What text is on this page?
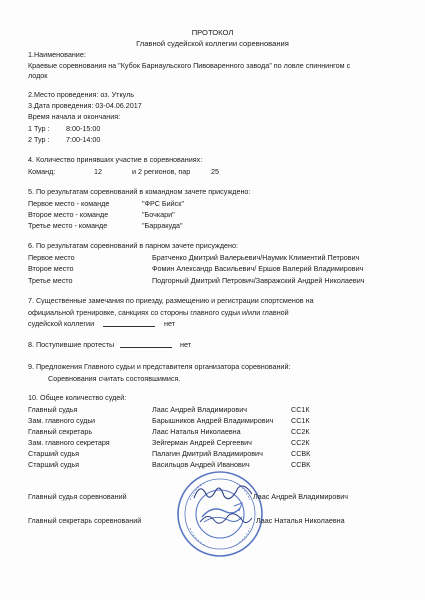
ПРОТОКОЛ
Главной судейской коллегии соревнования
1.Наименование:
Краевые соревнования на "Кубок Барнаульского Пивоваренного завода" по ловле спиннингом с
лодок
2.Место проведения: оз. Уткуль
3.Дата проведения: 03-04.06.2017
Время начала и окончания:
1 Тур : 8:00-15:00
2 Тур : 7:00-14:00
4. Количество принявших участие в соревнованиях:
Команд:	12	и 2 регионов, пар	25
5. По результатам соревнований в командном зачете присуждено:
Первое место - команде	"ФРС Бийск"
Второе место - команде	"Бочкари"
Третье место - команде	"Барракуда"
6. По результатам соревнований в парном зачете присуждено:
Первое место	Братченко Дмитрий Валерьевич/Наумик Климентий Петрович
Второе место	Фомин Александр Васильевич/ Ершов Валерий Владимирович
Третье место	Подгорный Дмитрий Петрович/Завражский Андрей Николаевич
7. Существенные замечания по приезду, размещению и регистрации спортсменов на
официальной тренировке, санкциях со стороны главного судьи и/или главной
судейской коллегии	нет
8. Поступившие протесты	нет
9. Предложения Главного судьи и представителя организатора соревнований:
Соревнования считать состоявшимися.
10. Общее количество судей:
Главный судья	Лаас Андрей Владимирович	СС1К
Зам. главного судьи	Барышников Андрей Владимирович СС1К
Главный секретарь	Лаас Наталья Николаевна	СС2К
Зам. главного секретаря	Зейгерман Андрей Сергеевич	СС2К
Старший судья	Палагин Дмитрий Владимирович	ССВК
Старший судья	Васильцов Андрей Иванович	ССВК
Главный судья соревнований	Лаас Андрей Владимирович
Главный секретарь соревнований	Лаас Наталья Николаевна
